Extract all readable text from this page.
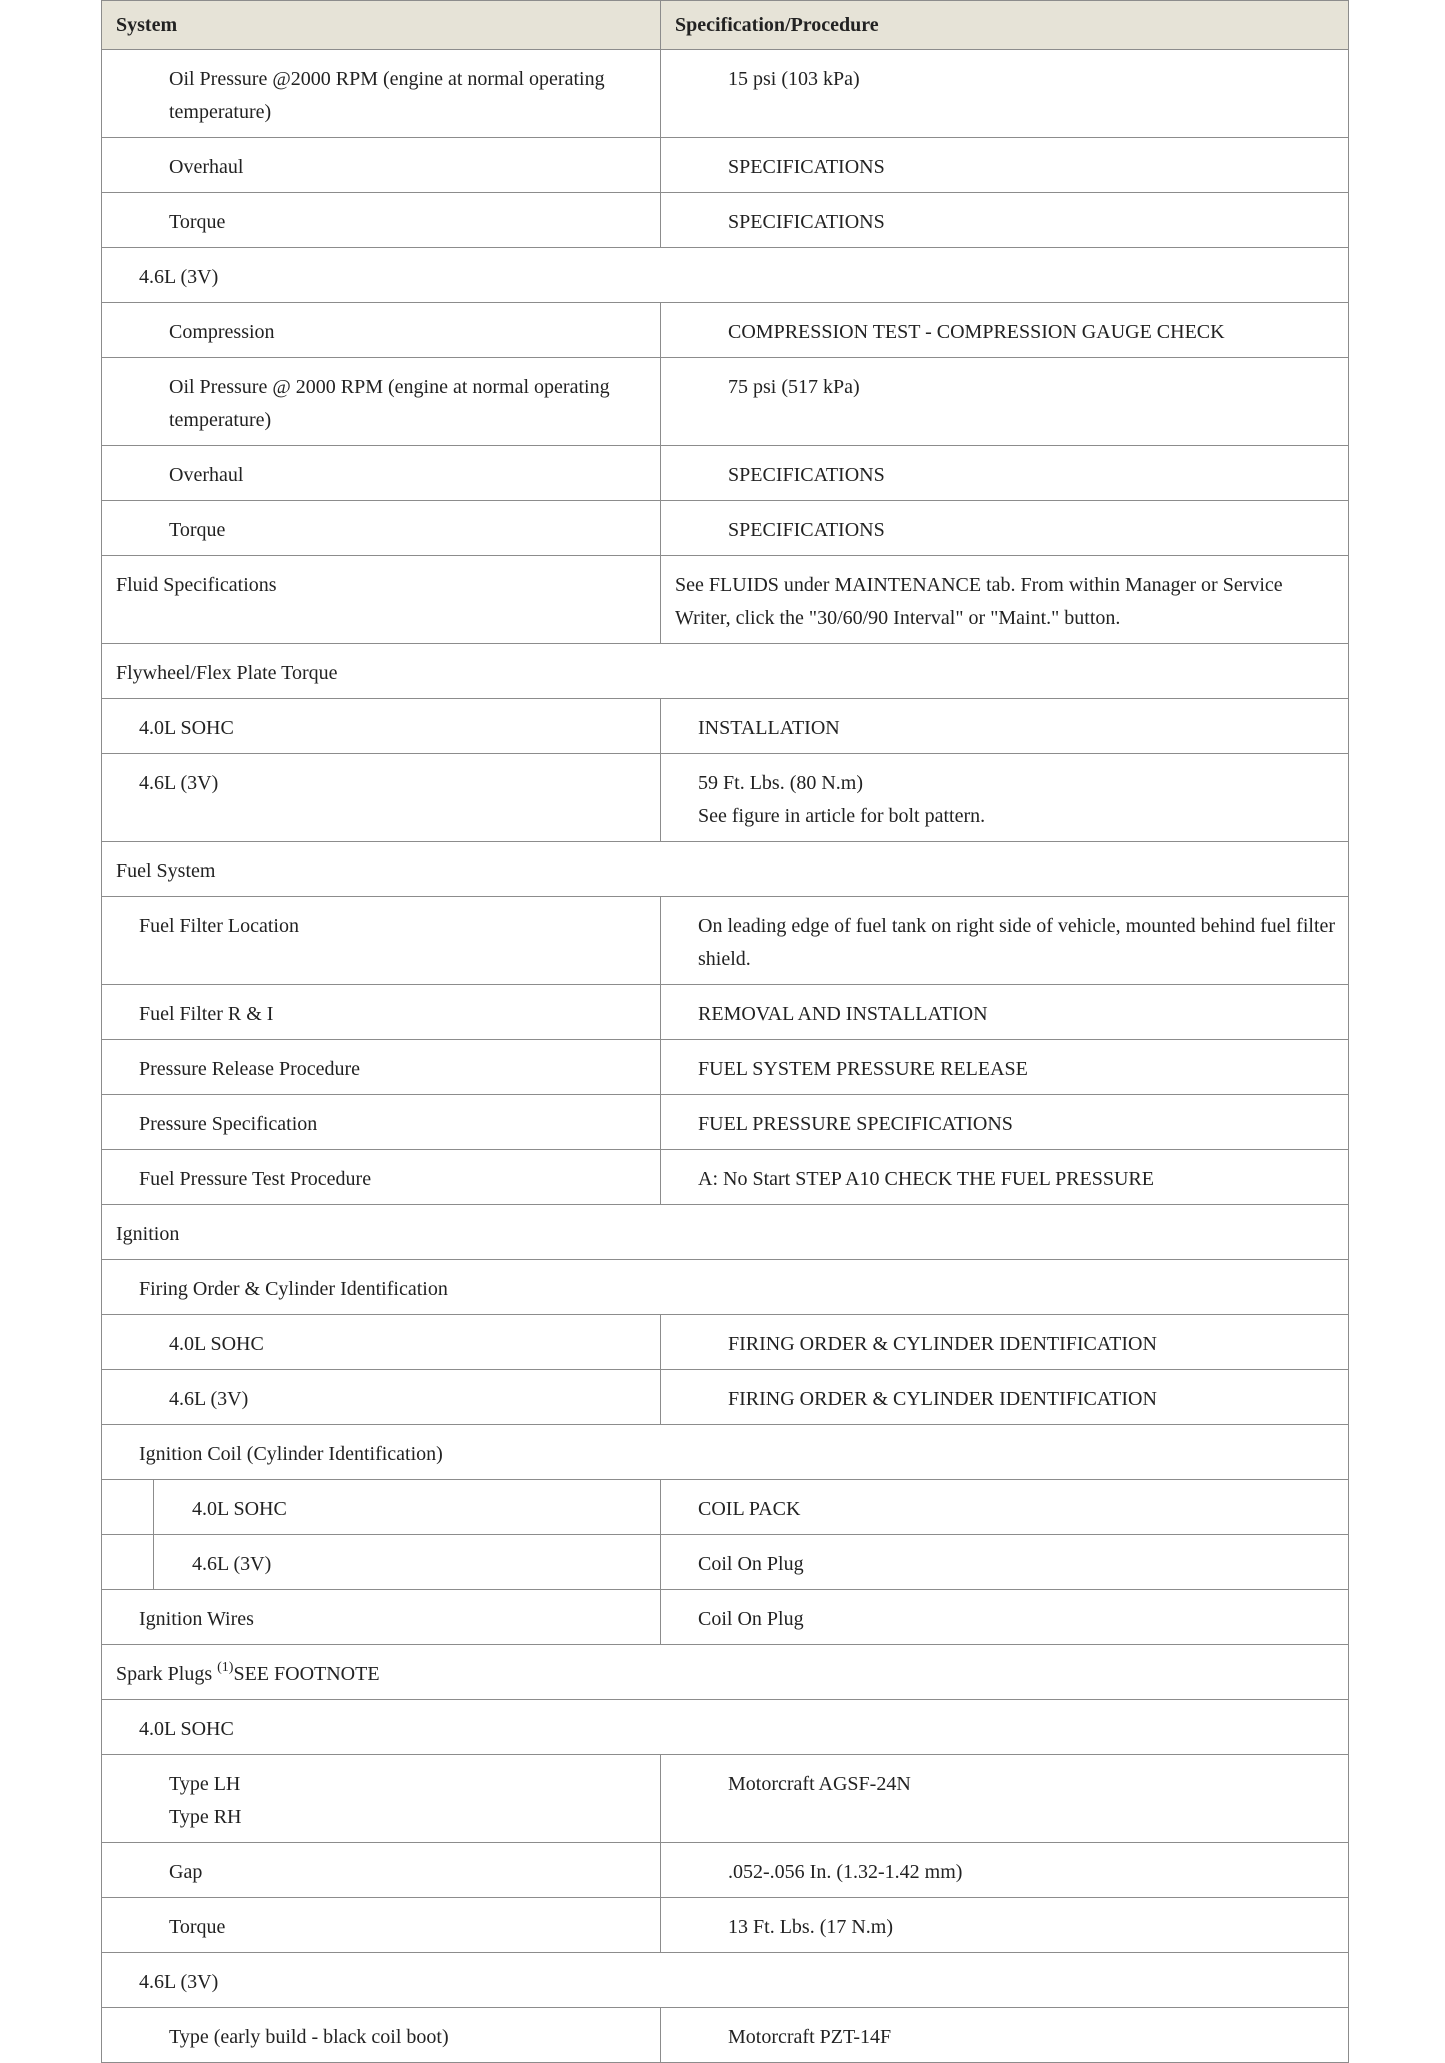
System		Specification/Procedure

Oil Pressure @2000 RPM (engine at normal operating temperature)		15 psi (103 kPa)

Overhaul		SPECIFICATIONS

Torque		SPECIFICATIONS

4.6L (3V)		

Compression		COMPRESSION TEST - COMPRESSION GAUGE CHECK

Oil Pressure @ 2000 RPM (engine at normal operating temperature)		75 psi (517 kPa)

Overhaul		SPECIFICATIONS

Torque		SPECIFICATIONS

Fluid Specifications		See FLUIDS under MAINTENANCE tab. From within Manager or Service Writer, click the "30/60/90 Interval" or "Maint." button.

Flywheel/Flex Plate Torque		

4.0L SOHC		INSTALLATION

4.6L (3V)		59 Ft. Lbs. (80 N.m)
See figure in article for bolt pattern.

Fuel System		

Fuel Filter Location		On leading edge of fuel tank on right side of vehicle, mounted behind fuel filter shield.

Fuel Filter R & I		REMOVAL AND INSTALLATION

Pressure Release Procedure		FUEL SYSTEM PRESSURE RELEASE

Pressure Specification		FUEL PRESSURE SPECIFICATIONS

Fuel Pressure Test Procedure		A: No Start STEP A10 CHECK THE FUEL PRESSURE

Ignition		

Firing Order & Cylinder Identification		

4.0L SOHC		FIRING ORDER & CYLINDER IDENTIFICATION

4.6L (3V)		FIRING ORDER & CYLINDER IDENTIFICATION

Ignition Coil (Cylinder Identification)		

	4.0L SOHC	COIL PACK

	4.6L (3V)	Coil On Plug

Ignition Wires		Coil On Plug

Spark Plugs $^{(1)}$SEE FOOTNOTE		

4.0L SOHC		

Type LH
Type RH		Motorcraft AGSF-24N

Gap		.052-.056 In. (1.32-1.42 mm)

Torque		13 Ft. Lbs. (17 N.m)

4.6L (3V)		

Type (early build - black coil boot)		Motorcraft PZT-14F
